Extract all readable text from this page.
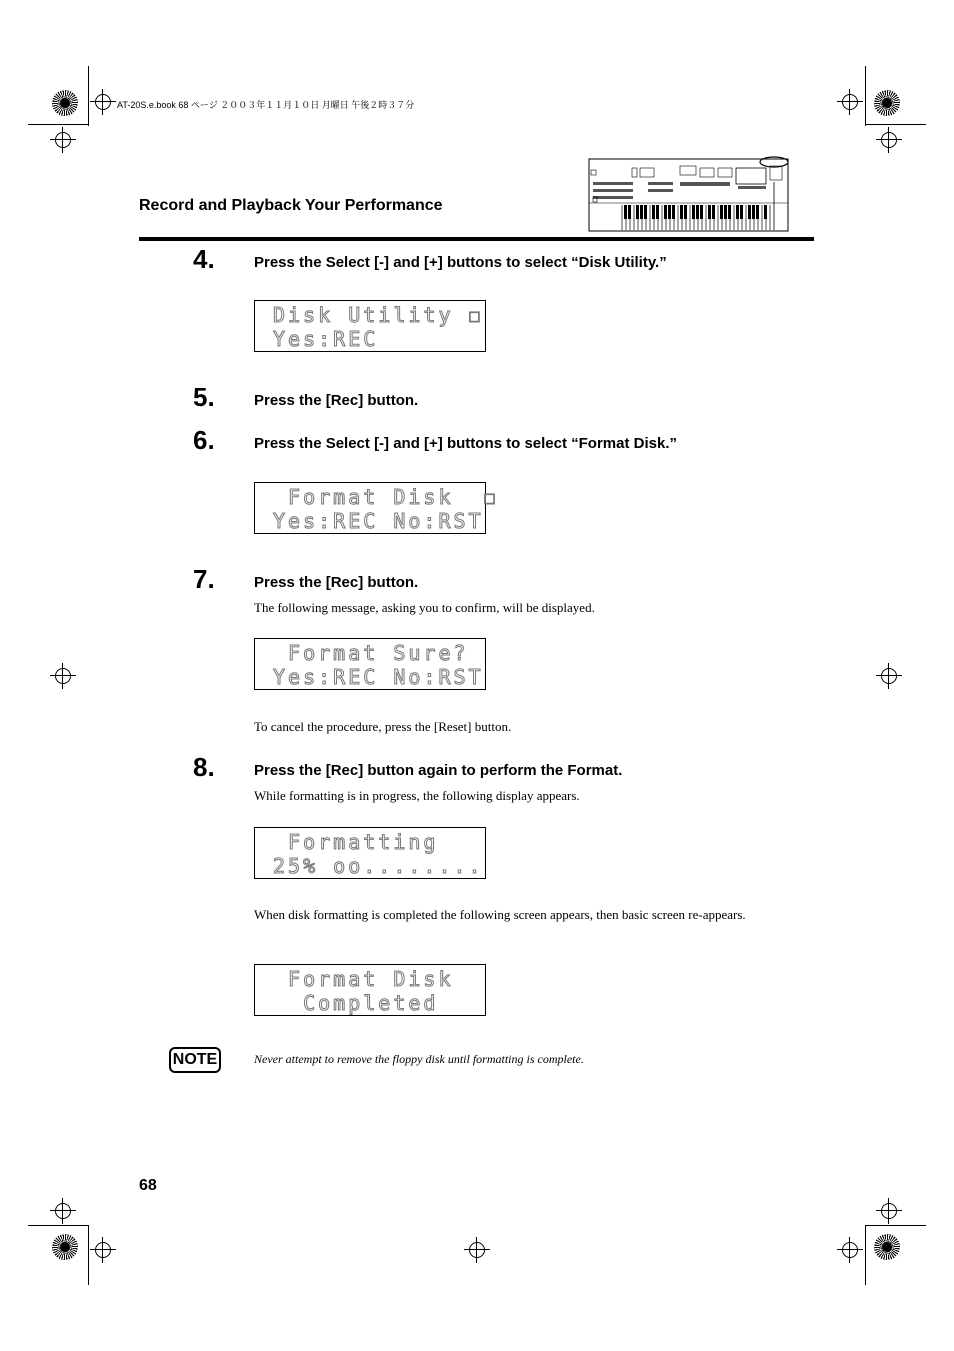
AT-20S.e.book 68 ページ ２００３年１１月１０日 月曜日 午後２時３７分
Record and Playback Your Performance
4.	Press the Select [-] and [+] buttons to select “Disk Utility.”
Disk Utility ☐
Yes:REC
5.	Press the [Rec] button.
6.	Press the Select [-] and [+] buttons to select “Format Disk.”
Format Disk  ☐
Yes:REC No:RST
7.	Press the [Rec] button.
The following message, asking you to confirm, will be displayed.
Format Sure?
Yes:REC No:RST
To cancel the procedure, press the [Reset] button.
8.	Press the [Rec] button again to perform the Format.
While formatting is in progress, the following display appears.
Formatting
25% oo........
When disk formatting is completed the following screen appears, then basic screen re-appears.
Format Disk
Completed
NOTE	Never attempt to remove the floppy disk until formatting is complete.
68
